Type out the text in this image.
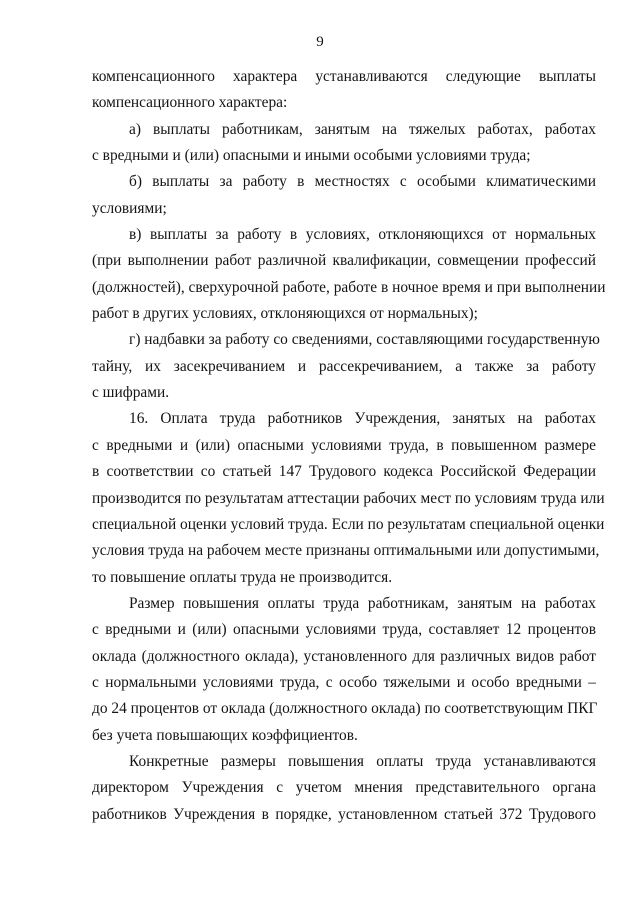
9
компенсационного характера устанавливаются следующие выплаты
компенсационного характера:
а) выплаты работникам, занятым на тяжелых работах, работах
с вредными и (или) опасными и иными особыми условиями труда;
б) выплаты за работу в местностях с особыми климатическими
условиями;
в) выплаты за работу в условиях, отклоняющихся от нормальных
(при выполнении работ различной квалификации, совмещении профессий
(должностей), сверхурочной работе, работе в ночное время и при выполнении
работ в других условиях, отклоняющихся от нормальных);
г) надбавки за работу со сведениями, составляющими государственную
тайну, их засекречиванием и рассекречиванием, а также за работу
с шифрами.
16. Оплата труда работников Учреждения, занятых на работах
с вредными и (или) опасными условиями труда, в повышенном размере
в соответствии со статьей 147 Трудового кодекса Российской Федерации
производится по результатам аттестации рабочих мест по условиям труда или
специальной оценки условий труда. Если по результатам специальной оценки
условия труда на рабочем месте признаны оптимальными или допустимыми,
то повышение оплаты труда не производится.
Размер повышения оплаты труда работникам, занятым на работах
с вредными и (или) опасными условиями труда, составляет 12 процентов
оклада (должностного оклада), установленного для различных видов работ
с нормальными условиями труда, с особо тяжелыми и особо вредными –
до 24 процентов от оклада (должностного оклада) по соответствующим ПКГ
без учета повышающих коэффициентов.
Конкретные размеры повышения оплаты труда устанавливаются
директором Учреждения с учетом мнения представительного органа
работников Учреждения в порядке, установленном статьей 372 Трудового
